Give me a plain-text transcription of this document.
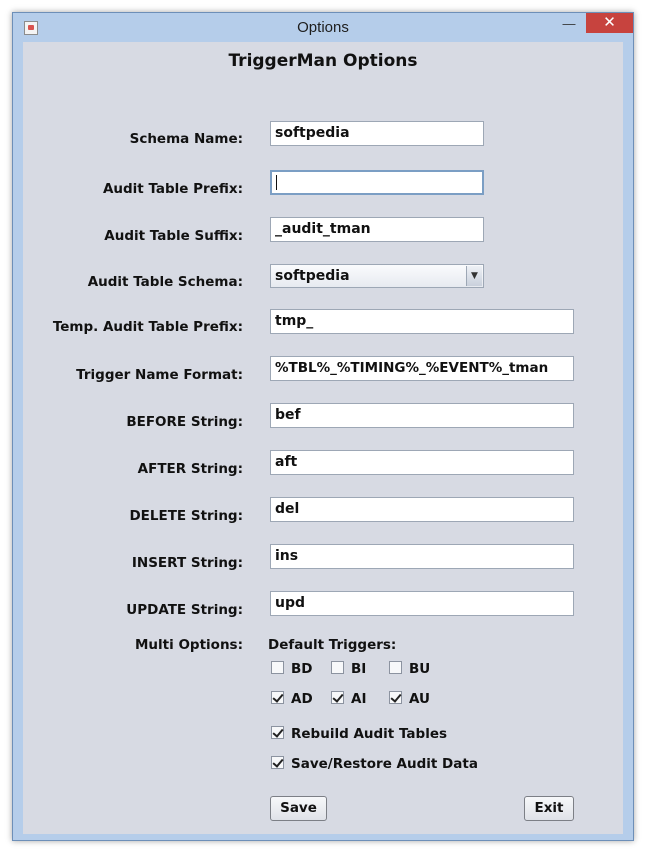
Options	—	✕
TriggerMan Options
Schema Name:	softpedia
Audit Table Prefix:
Audit Table Suffix:	_audit_tman
Audit Table Schema:	softpedia	▼
Temp. Audit Table Prefix:	tmp_
Trigger Name Format:	%TBL%_%TIMING%_%EVENT%_tman
BEFORE String:	bef
AFTER String:	aft
DELETE String:	del
INSERT String:	ins
UPDATE String:	upd
Multi Options: Default Triggers:
BD	BI	BU
AD	AI	AU
Rebuild Audit Tables
Save/Restore Audit Data
Save	Exit
